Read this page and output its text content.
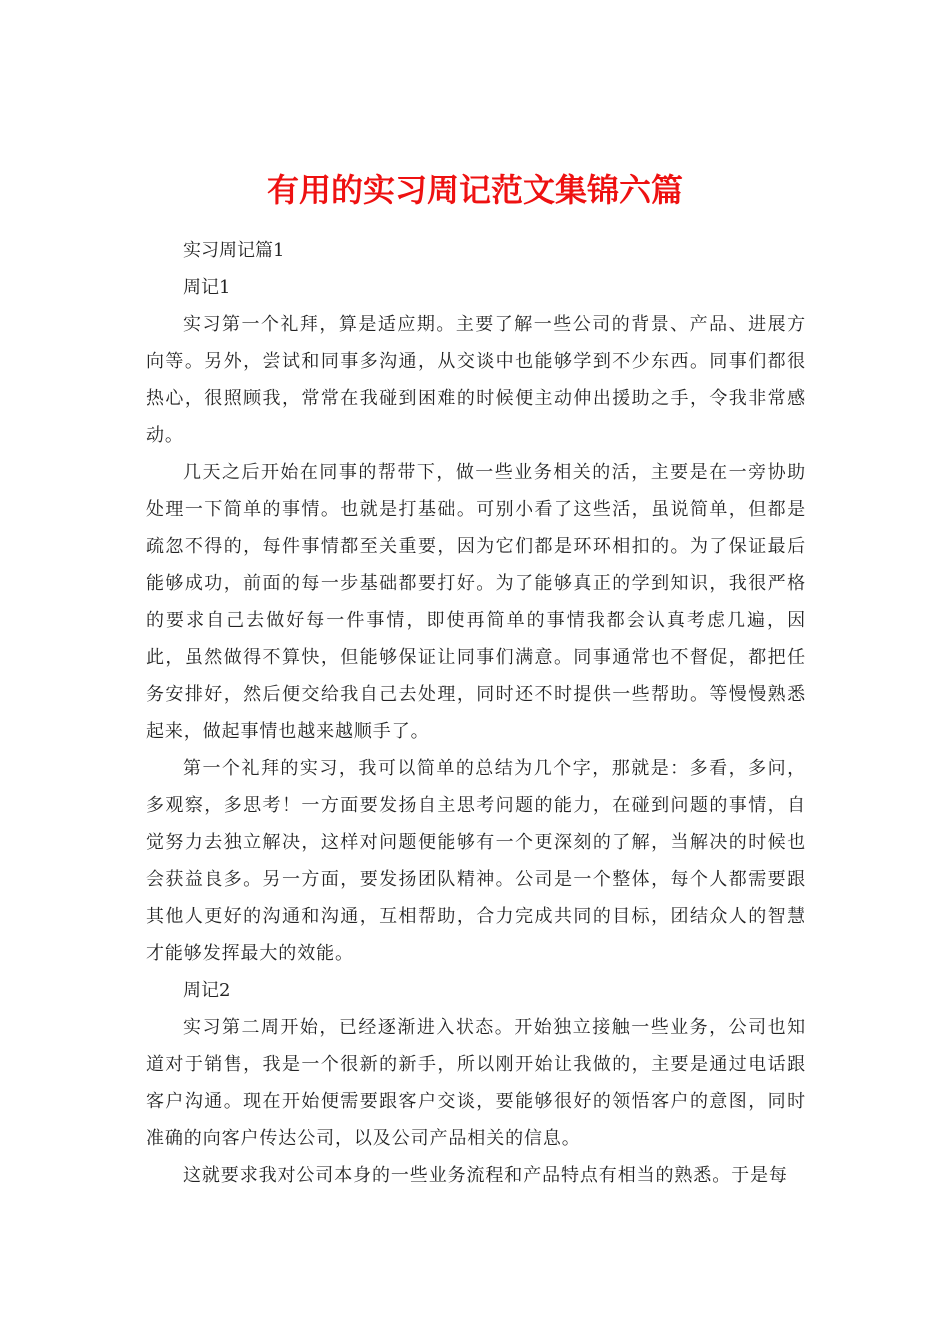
有用的实习周记范文集锦六篇

实习周记篇1

周记1

实习第一个礼拜，算是适应期。主要了解一些公司的背景、产品、进展方向等。另外，尝试和同事多沟通，从交谈中也能够学到不少东西。同事们都很热心，很照顾我，常常在我碰到困难的时候便主动伸出援助之手，令我非常感动。

几天之后开始在同事的帮带下，做一些业务相关的活，主要是在一旁协助处理一下简单的事情。也就是打基础。可别小看了这些活，虽说简单，但都是疏忽不得的，每件事情都至关重要，因为它们都是环环相扣的。为了保证最后能够成功，前面的每一步基础都要打好。为了能够真正的学到知识，我很严格的要求自己去做好每一件事情，即使再简单的事情我都会认真考虑几遍，因此，虽然做得不算快，但能够保证让同事们满意。同事通常也不督促，都把任务安排好，然后便交给我自己去处理，同时还不时提供一些帮助。等慢慢熟悉起来，做起事情也越来越顺手了。

第一个礼拜的实习，我可以简单的总结为几个字，那就是：多看，多问，多观察，多思考！一方面要发扬自主思考问题的能力，在碰到问题的事情，自觉努力去独立解决，这样对问题便能够有一个更深刻的了解，当解决的时候也会获益良多。另一方面，要发扬团队精神。公司是一个整体，每个人都需要跟其他人更好的沟通和沟通，互相帮助，合力完成共同的目标，团结众人的智慧才能够发挥最大的效能。

周记2

实习第二周开始，已经逐渐进入状态。开始独立接触一些业务，公司也知道对于销售，我是一个很新的新手，所以刚开始让我做的，主要是通过电话跟客户沟通。现在开始便需要跟客户交谈，要能够很好的领悟客户的意图，同时准确的向客户传达公司，以及公司产品相关的信息。

这就要求我对公司本身的一些业务流程和产品特点有相当的熟悉。于是每
